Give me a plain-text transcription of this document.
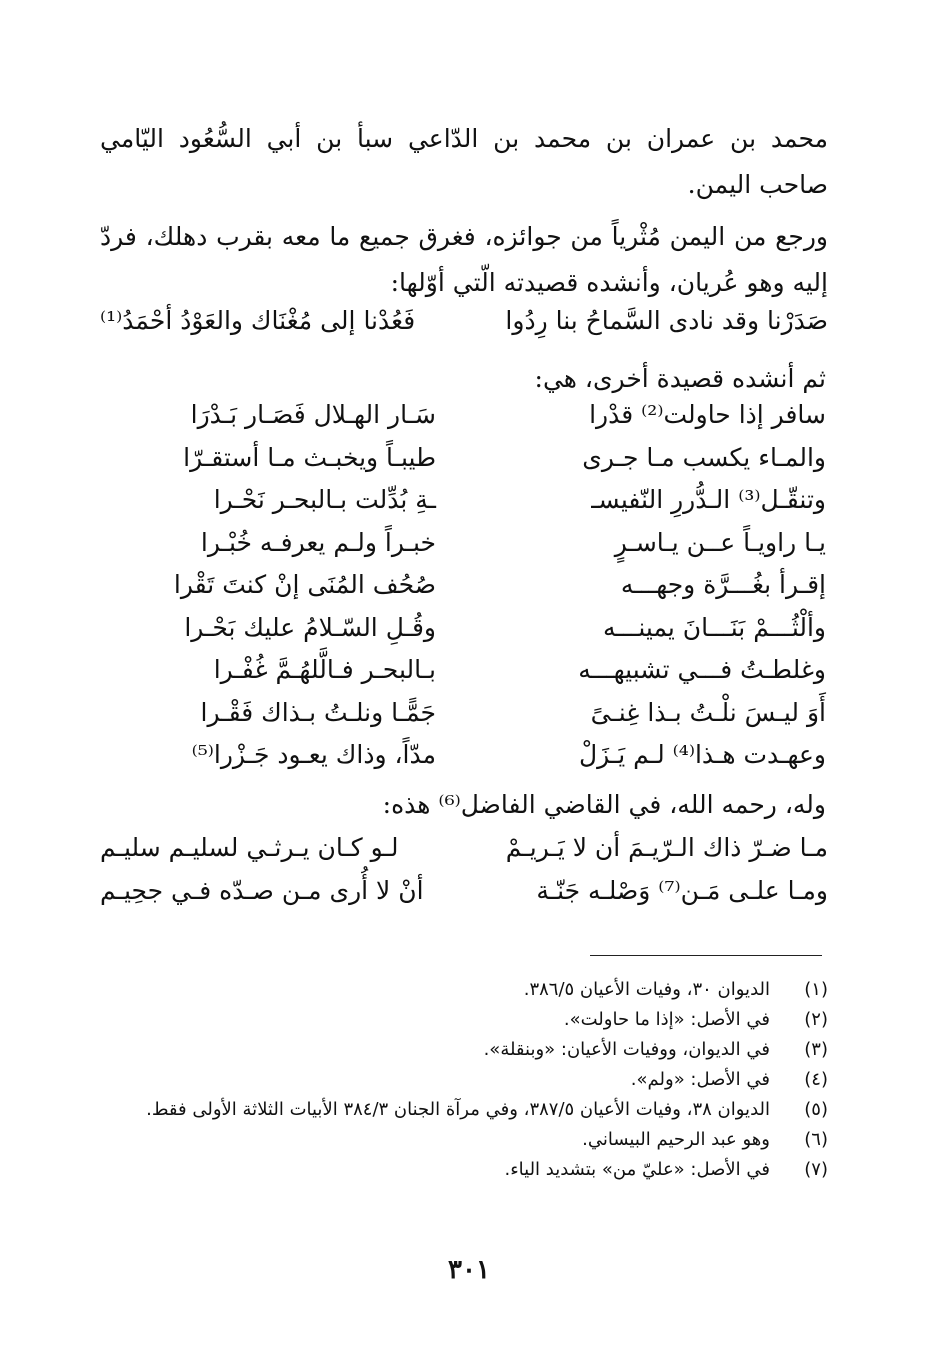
محمد بن عمران بن محمد بن الدّاعي سبأ بن أبي السُّعُود اليّامي صاحب اليمن.
ورجع من اليمن مُثْرياً من جوائزه، فغرق جميع ما معه بقرب دهلك، فردّ إليه وهو عُريان، وأنشده قصيدته الّتي أوّلها:
صَدَرْنا وقد نادى السَّماحُ بنا رِدُوا
فَعُدْنا إلى مُغْنَاك والعَوْدُ أحْمَدُ⁽¹⁾
ثم أنشده قصيدة أخرى، هي:
سافر إذا حاولت⁽²⁾ قدْرا
سَـار الهـلال فَصَـار بَـدْرَا
والمـاء يكسب مـا جـرى
طيبـاً ويخبـث مـا أستقـرّا
وتنقّـل⁽³⁾ الـدُّررِ النّفيسـ
ـةِ بُدِّلت بـالبحـر نَحْـرا
يـا راويـاً عــن يـاسـرٍ
خبـراً ولـم يعرفـه خُبْـرا
إقـرأ بغُـــرَّة وجهـــه
صُحُف المُنَى إنْ كنتَ تَقْرا
وألْثُـــمْ بَنَـــانَ يمينـــه
وقُـلِ السّـلامُ عليك بَحْـرا
وغلطـتُ فـــي تشبيهـــه
بـالبحـر فـالَّلهُـمَّ غُفْـرا
أَوَ ليـسَ نلْـتُ بـذا غِنـىً
جَمًّـا ونلـتُ بـذاك فَقْـرا
وعهـدت هـذا⁽⁴⁾ لـم يَـزَلْ
مدّاً، وذاك يعـود جَـزْرا⁽⁵⁾
وله، رحمه الله، في القاضي الفاضل⁽⁶⁾ هذه:
مـا ضـرّ ذاك الـرّيـمَ أن لا يَـريـمْ
لـو كـان يـرثـي لسليـم سليـم
ومـا علـى مَـن⁽⁷⁾ وَصْلـه جَنّـة
أنْ لا أُرى مـن صـدّه فـي جحِيـم
(١)
الديوان ٣٠، وفيات الأعيان ٣٨٦/٥.
(٢)
في الأصل: «إذا ما حاولت».
(٣)
في الديوان، ووفيات الأعيان: «وبنقلة».
(٤)
في الأصل: «ولم».
(٥)
الديوان ٣٨، وفيات الأعيان ٣٨٧/٥، وفي مرآة الجنان ٣٨٤/٣ الأبيات الثلاثة الأولى فقط.
(٦)
وهو عبد الرحيم البيساني.
(٧)
في الأصل: «عليّ من» بتشديد الياء.
٣٠١
